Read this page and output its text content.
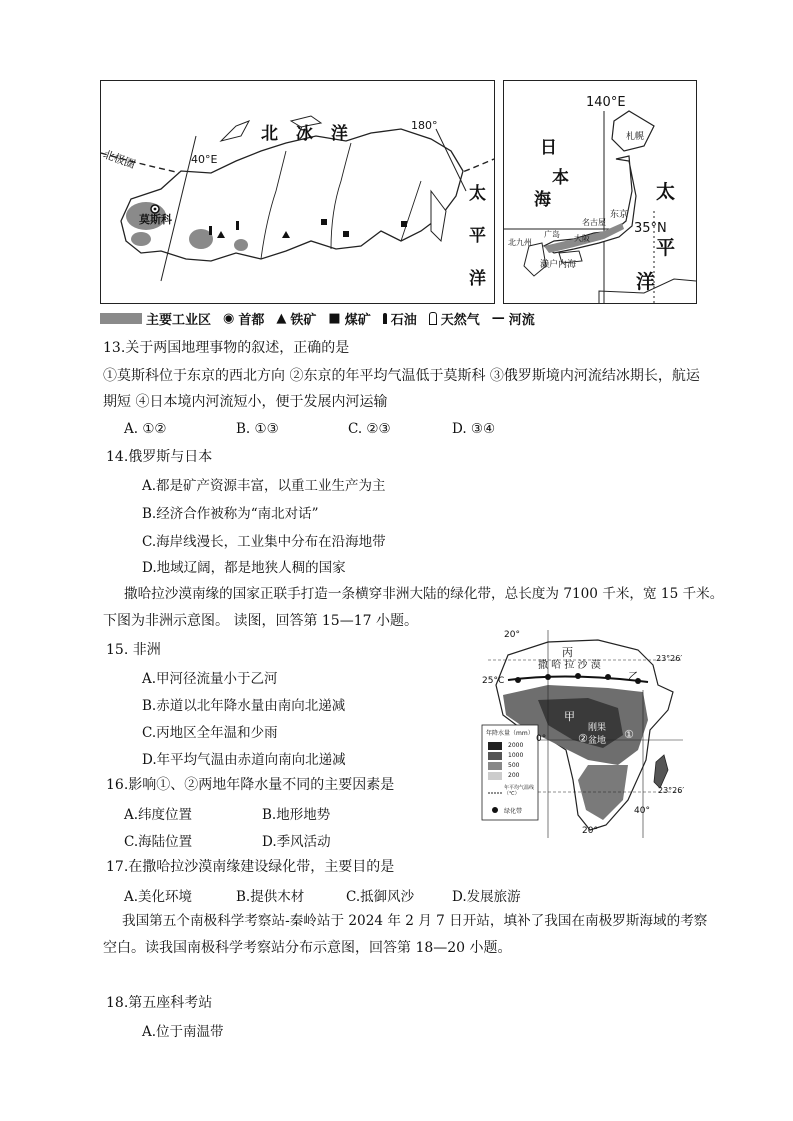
北 冰 洋
北极圈	40°E
180°
莫斯科
太
平
洋
140°E
日
本
海
35°N
太
平
洋
札幌
东京
名古屋
大阪
广岛
北九州
濑户内海
主要工业区 ◉ 首都 ▲ 铁矿 ■ 煤矿 石油 天然气 — 河流
13.关于两国地理事物的叙述，正确的是
①莫斯科位于东京的西北方向 ②东京的年平均气温低于莫斯科 ③俄罗斯境内河流结冰期长，航运
期短 ④日本境内河流短小，便于发展内河运输
A. ①②	B. ①③	C. ②③	D. ③④
14.俄罗斯与日本
A.都是矿产资源丰富，以重工业生产为主
B.经济合作被称为“南北对话”
C.海岸线漫长，工业集中分布在沿海地带
D.地域辽阔，都是地狭人稠的国家
撒哈拉沙漠南缘的国家正联手打造一条横穿非洲大陆的绿化带，总长度为 7100 千米，宽 15 千米。
下图为非洲示意图。 读图，回答第 15—17 小题。
20°
23°26′
25°C
0°
40°
23°26′
20°
丙
撒 哈 拉 沙 漠
乙
甲
刚果盆地	①
②
年降水量（mm）
2000
1000
500
200
年平均气温线（℃）
绿化带
15. 非洲
A.甲河径流量小于乙河
B.赤道以北年降水量由南向北递减
C.丙地区全年温和少雨
D.年平均气温由赤道向南向北递减
16.影响①、②两地年降水量不同的主要因素是
A.纬度位置	B.地形地势
C.海陆位置	D.季风活动
17.在撒哈拉沙漠南缘建设绿化带，主要目的是
A.美化环境	B.提供木材	C.抵御风沙	D.发展旅游
我国第五个南极科学考察站-秦岭站于 2024 年 2 月 7 日开站，填补了我国在南极罗斯海域的考察
空白。读我国南极科学考察站分布示意图，回答第 18—20 小题。
18.第五座科考站
A.位于南温带
